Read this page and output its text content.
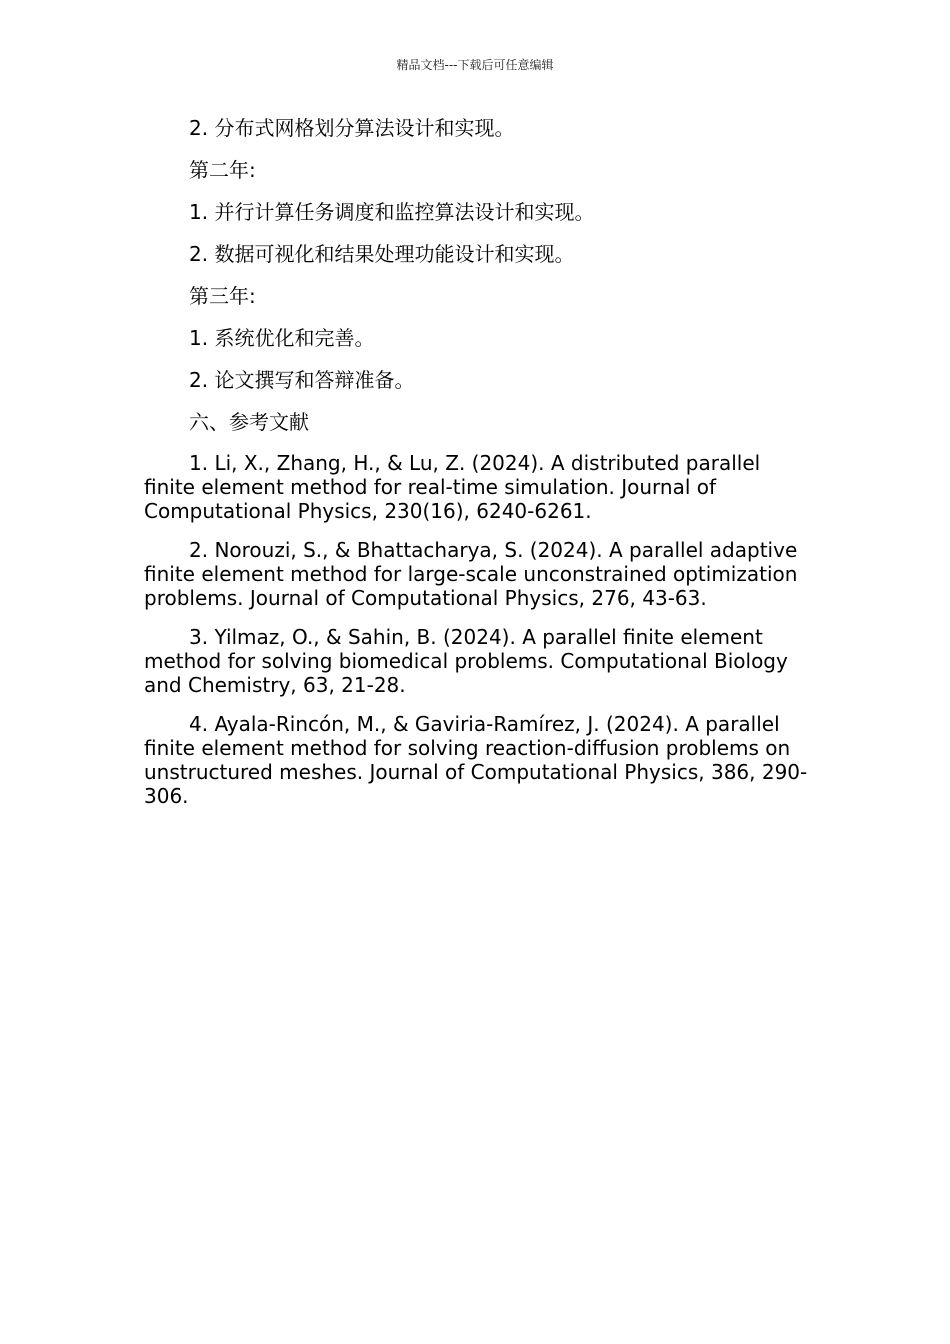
精品文档---下载后可任意编辑

2. 分布式网格划分算法设计和实现。

第二年:

1. 并行计算任务调度和监控算法设计和实现。

2. 数据可视化和结果处理功能设计和实现。

第三年:

1. 系统优化和完善。

2. 论文撰写和答辩准备。

六、参考文献

1. Li, X., Zhang, H., & Lu, Z. (2024). A distributed parallel finite element method for real-time simulation. Journal of Computational Physics, 230(16), 6240-6261.

2. Norouzi, S., & Bhattacharya, S. (2024). A parallel adaptive finite element method for large-scale unconstrained optimization problems. Journal of Computational Physics, 276, 43-63.

3. Yilmaz, O., & Sahin, B. (2024). A parallel finite element method for solving biomedical problems. Computational Biology and Chemistry, 63, 21-28.

4. Ayala-Rincón, M., & Gaviria-Ramírez, J. (2024). A parallel finite element method for solving reaction-diffusion problems on unstructured meshes. Journal of Computational Physics, 386, 290-306.
